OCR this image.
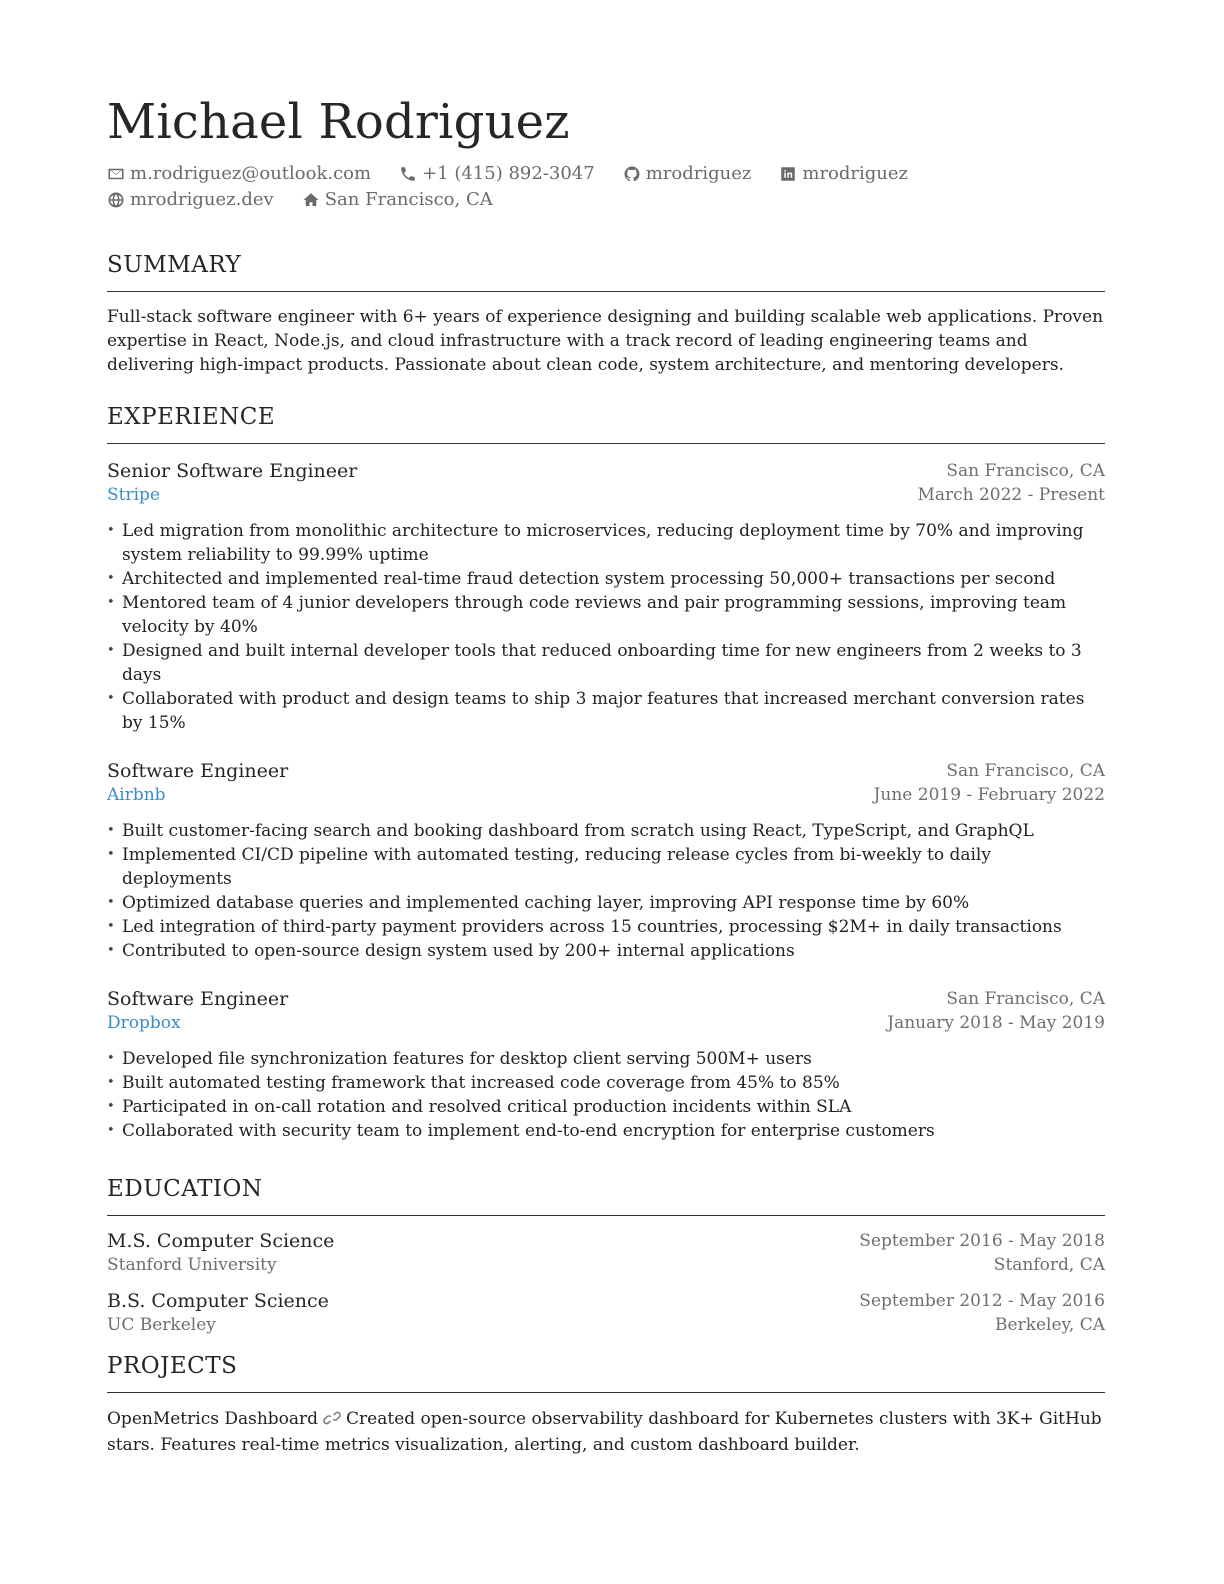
Michael Rodriguez
m.rodriguez@outlook.com	+1 (415) 892-3047	mrodriguez	mrodriguez
mrodriguez.dev	San Francisco, CA
SUMMARY

Full-stack software engineer with 6+ years of experience designing and building scalable web applications. Proven expertise in React, Node.js, and cloud infrastructure with a track record of leading engineering teams and delivering high-impact products. Passionate about clean code, system architecture, and mentoring developers.

EXPERIENCE
Senior Software Engineer
Stripe
San Francisco, CA
March 2022 - Present
• Led migration from monolithic architecture to microservices, reducing deployment time by 70% and improving system reliability to 99.99% uptime
• Architected and implemented real-time fraud detection system processing 50,000+ transactions per second
• Mentored team of 4 junior developers through code reviews and pair programming sessions, improving team velocity by 40%
• Designed and built internal developer tools that reduced onboarding time for new engineers from 2 weeks to 3 days
• Collaborated with product and design teams to ship 3 major features that increased merchant conversion rates by 15%
Software Engineer
Airbnb
San Francisco, CA
June 2019 - February 2022
• Built customer-facing search and booking dashboard from scratch using React, TypeScript, and GraphQL
• Implemented CI/CD pipeline with automated testing, reducing release cycles from bi-weekly to daily deployments
• Optimized database queries and implemented caching layer, improving API response time by 60%
• Led integration of third-party payment providers across 15 countries, processing $2M+ in daily transactions
• Contributed to open-source design system used by 200+ internal applications
Software Engineer
Dropbox
San Francisco, CA
January 2018 - May 2019
• Developed file synchronization features for desktop client serving 500M+ users
• Built automated testing framework that increased code coverage from 45% to 85%
• Participated in on-call rotation and resolved critical production incidents within SLA
• Collaborated with security team to implement end-to-end encryption for enterprise customers
EDUCATION
M.S. Computer Science
Stanford University
September 2016 - May 2018
Stanford, CA
B.S. Computer Science
UC Berkeley
September 2012 - May 2016
Berkeley, CA
PROJECTS

OpenMetrics Dashboard Created open-source observability dashboard for Kubernetes clusters with 3K+ GitHub stars. Features real-time metrics visualization, alerting, and custom dashboard builder.
